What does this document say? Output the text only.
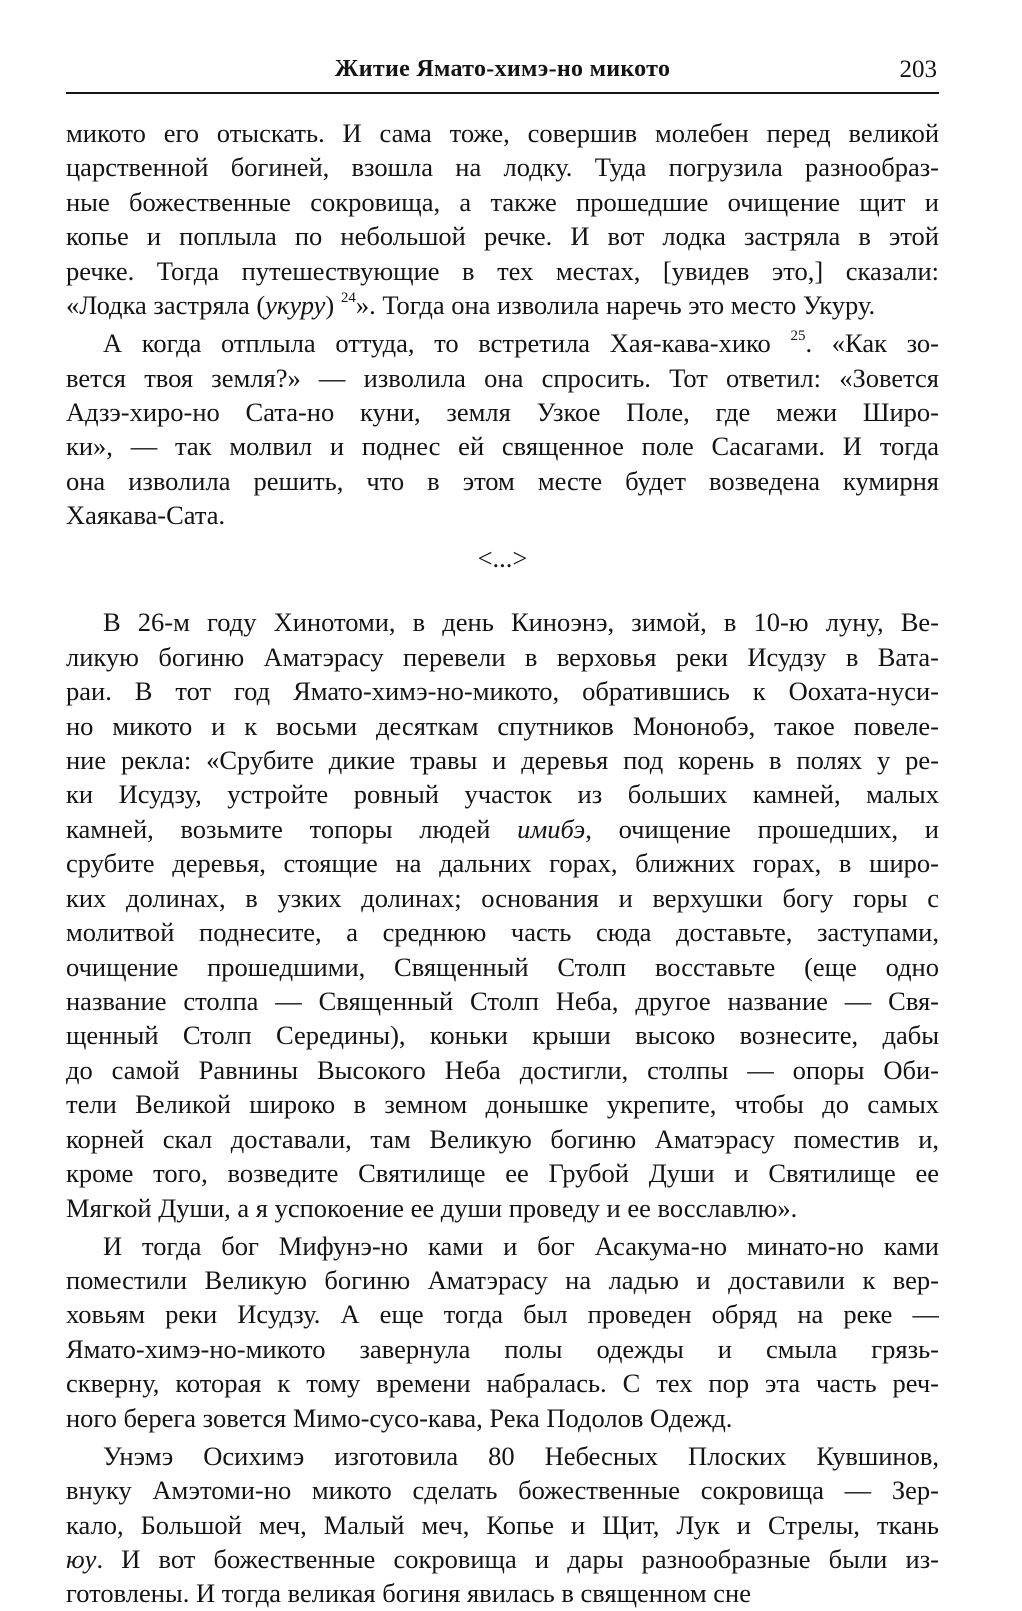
Житие Ямато-химэ-но микото	203
микото его отыскать. И сама тоже, совершив молебен перед великой
царственной богиней, взошла на лодку. Туда погрузила разнообраз-
ные божественные сокровища, а также прошедшие очищение щит и
копье и поплыла по небольшой речке. И вот лодка застряла в этой
речке. Тогда путешествующие в тех местах, [увидев это,] сказали:
«Лодка застряла (укуру) $^{24}$». Тогда она изволила наречь это место Укуру.
А когда отплыла оттуда, то встретила Хая-кава-хико $^{25}$. «Как зо-
вется твоя земля?» — изволила она спросить. Тот ответил: «Зовется
Адзэ-хиро-но Сата-но куни, земля Узкое Поле, где межи Широ-
ки», — так молвил и поднес ей священное поле Сасагами. И тогда
она изволила решить, что в этом месте будет возведена кумирня
Хаякава-Сата.
<...>
В 26-м году Хинотоми, в день Киноэнэ, зимой, в 10-ю луну, Ве-
ликую богиню Аматэрасу перевели в верховья реки Исудзу в Вата-
раи. В тот год Ямато-химэ-но-микото, обратившись к Оохата-нуси-
но микото и к восьми десяткам спутников Мононобэ, такое повеле-
ние рекла: «Срубите дикие травы и деревья под корень в полях у ре-
ки Исудзу, устройте ровный участок из больших камней, малых
камней, возьмите топоры людей имибэ, очищение прошедших, и
срубите деревья, стоящие на дальних горах, ближних горах, в широ-
ких долинах, в узких долинах; основания и верхушки богу горы с
молитвой поднесите, а среднюю часть сюда доставьте, заступами,
очищение прошедшими, Священный Столп восставьте (еще одно
название столпа — Священный Столп Неба, другое название — Свя-
щенный Столп Середины), коньки крыши высоко вознесите, дабы
до самой Равнины Высокого Неба достигли, столпы — опоры Оби-
тели Великой широко в земном донышке укрепите, чтобы до самых
корней скал доставали, там Великую богиню Аматэрасу поместив и,
кроме того, возведите Святилище ее Грубой Души и Святилище ее
Мягкой Души, а я успокоение ее души проведу и ее восславлю».
И тогда бог Мифунэ-но ками и бог Асакума-но минато-но ками
поместили Великую богиню Аматэрасу на ладью и доставили к вер-
ховьям реки Исудзу. А еще тогда был проведен обряд на реке —
Ямато-химэ-но-микото завернула полы одежды и смыла грязь-
скверну, которая к тому времени набралась. С тех пор эта часть реч-
ного берега зовется Мимо-сусо-кава, Река Подолов Одежд.
Унэмэ Осихимэ изготовила 80 Небесных Плоских Кувшинов,
внуку Амэтоми-но микото сделать божественные сокровища — Зер-
кало, Большой меч, Малый меч, Копье и Щит, Лук и Стрелы, ткань
юу. И вот божественные сокровища и дары разнообразные были из-
готовлены. И тогда великая богиня явилась в священном сне
